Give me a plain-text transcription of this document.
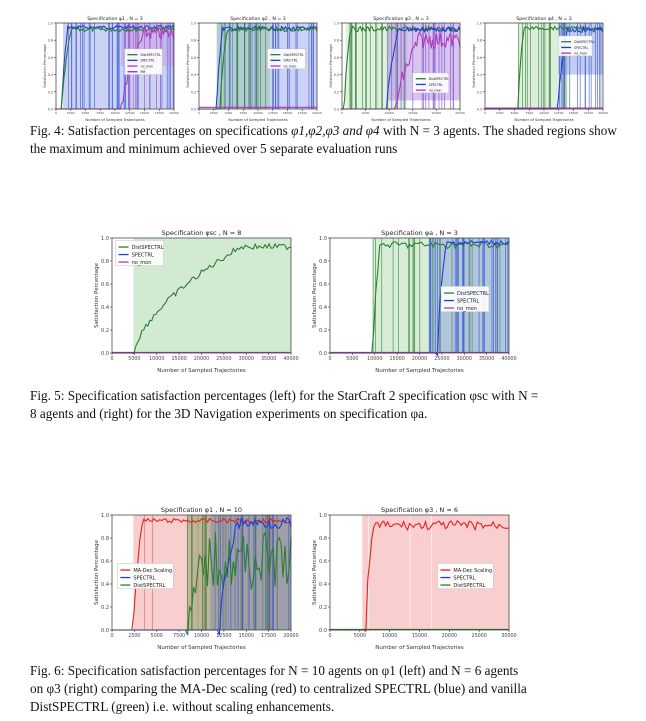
Specification φ1 , N = 3
Satisfaction Percentage
Number of Sampled Trajectories
0.0
0.2
0.4
0.6
0.8
1.0
0	2500 5000 7500 10000 12500 15000 17500 20000
DistSPECTRL
SPECTRL
no_mon
RM
Specification φ2 , N = 3
Satisfaction Percentage
Number of Sampled Trajectories
0.0
0.2
0.4
0.6
0.8
1.0
0	2500 5000 7500 10000 12500 15000 17500 20000
DistSPECTRL
SPECTRL
no_mon
Specification φ3 , N = 3
Satisfaction Percentage
Number of Sampled Trajectories
0.0
0.2
0.4
0.6
0.8
1.0
0	5000	10000	15000	20000	25000
DistSPECTRL
SPECTRL
no_mon
Specification φ4 , N = 3
Satisfaction Percentage
Number of Sampled Trajectories
0.0
0.2
0.4
0.6
0.8
1.0
0	2500 5000 7500 10000 12500 15000 17500 20000
DistSPECTRL
SPECTRL
no_mon
Fig. 4: Satisfaction percentages on specifications φ1,φ2,φ3 and φ4 with N = 3 agents. The shaded regions show the maximum and minimum achieved over 5 separate evaluation runs
Specification φsc , N = 8
Satisfaction Percentage
Number of Sampled Trajectories
0.0
0.2
0.4
0.6
0.8
1.0
0	5000 10000 15000 20000 25000 30000 35000 40000
DistSPECTRL
SPECTRL
no_mon
Specification φa , N = 3
Satisfaction Percentage
Number of Sampled Trajectories
0.0
0.2
0.4
0.6
0.8
1.0
0	5000 10000 15000 20000 25000 30000 35000 40000
DistSPECTRL
SPECTRL
no_mon
Fig. 5: Specification satisfaction percentages (left) for the StarCraft 2 specification φsc with N =
8 agents and (right) for the 3D Navigation experiments on specification φa.
Specification φ1 , N = 10
Satisfaction Percentage
Number of Sampled Trajectories
0.0
0.2
0.4
0.6
0.8
1.0
0	2500 5000 7500 10000 12500 15000 17500 20000
MA-Dec Scaling
SPECTRL
DistSPECTRL
Specification φ3 , N = 6
Satisfaction Percentage
Number of Sampled Trajectories
0.0
0.2
0.4
0.6
0.8
1.0
0	5000	10000	15000	20000	25000	30000
MA-Dec Scaling
SPECTRL
DistSPECTRL
Fig. 6: Specification satisfaction percentages for N = 10 agents on φ1 (left) and N = 6 agents
on φ3 (right) comparing the MA-Dec scaling (red) to centralized SPECTRL (blue) and vanilla
DistSPECTRL (green) i.e. without scaling enhancements.
